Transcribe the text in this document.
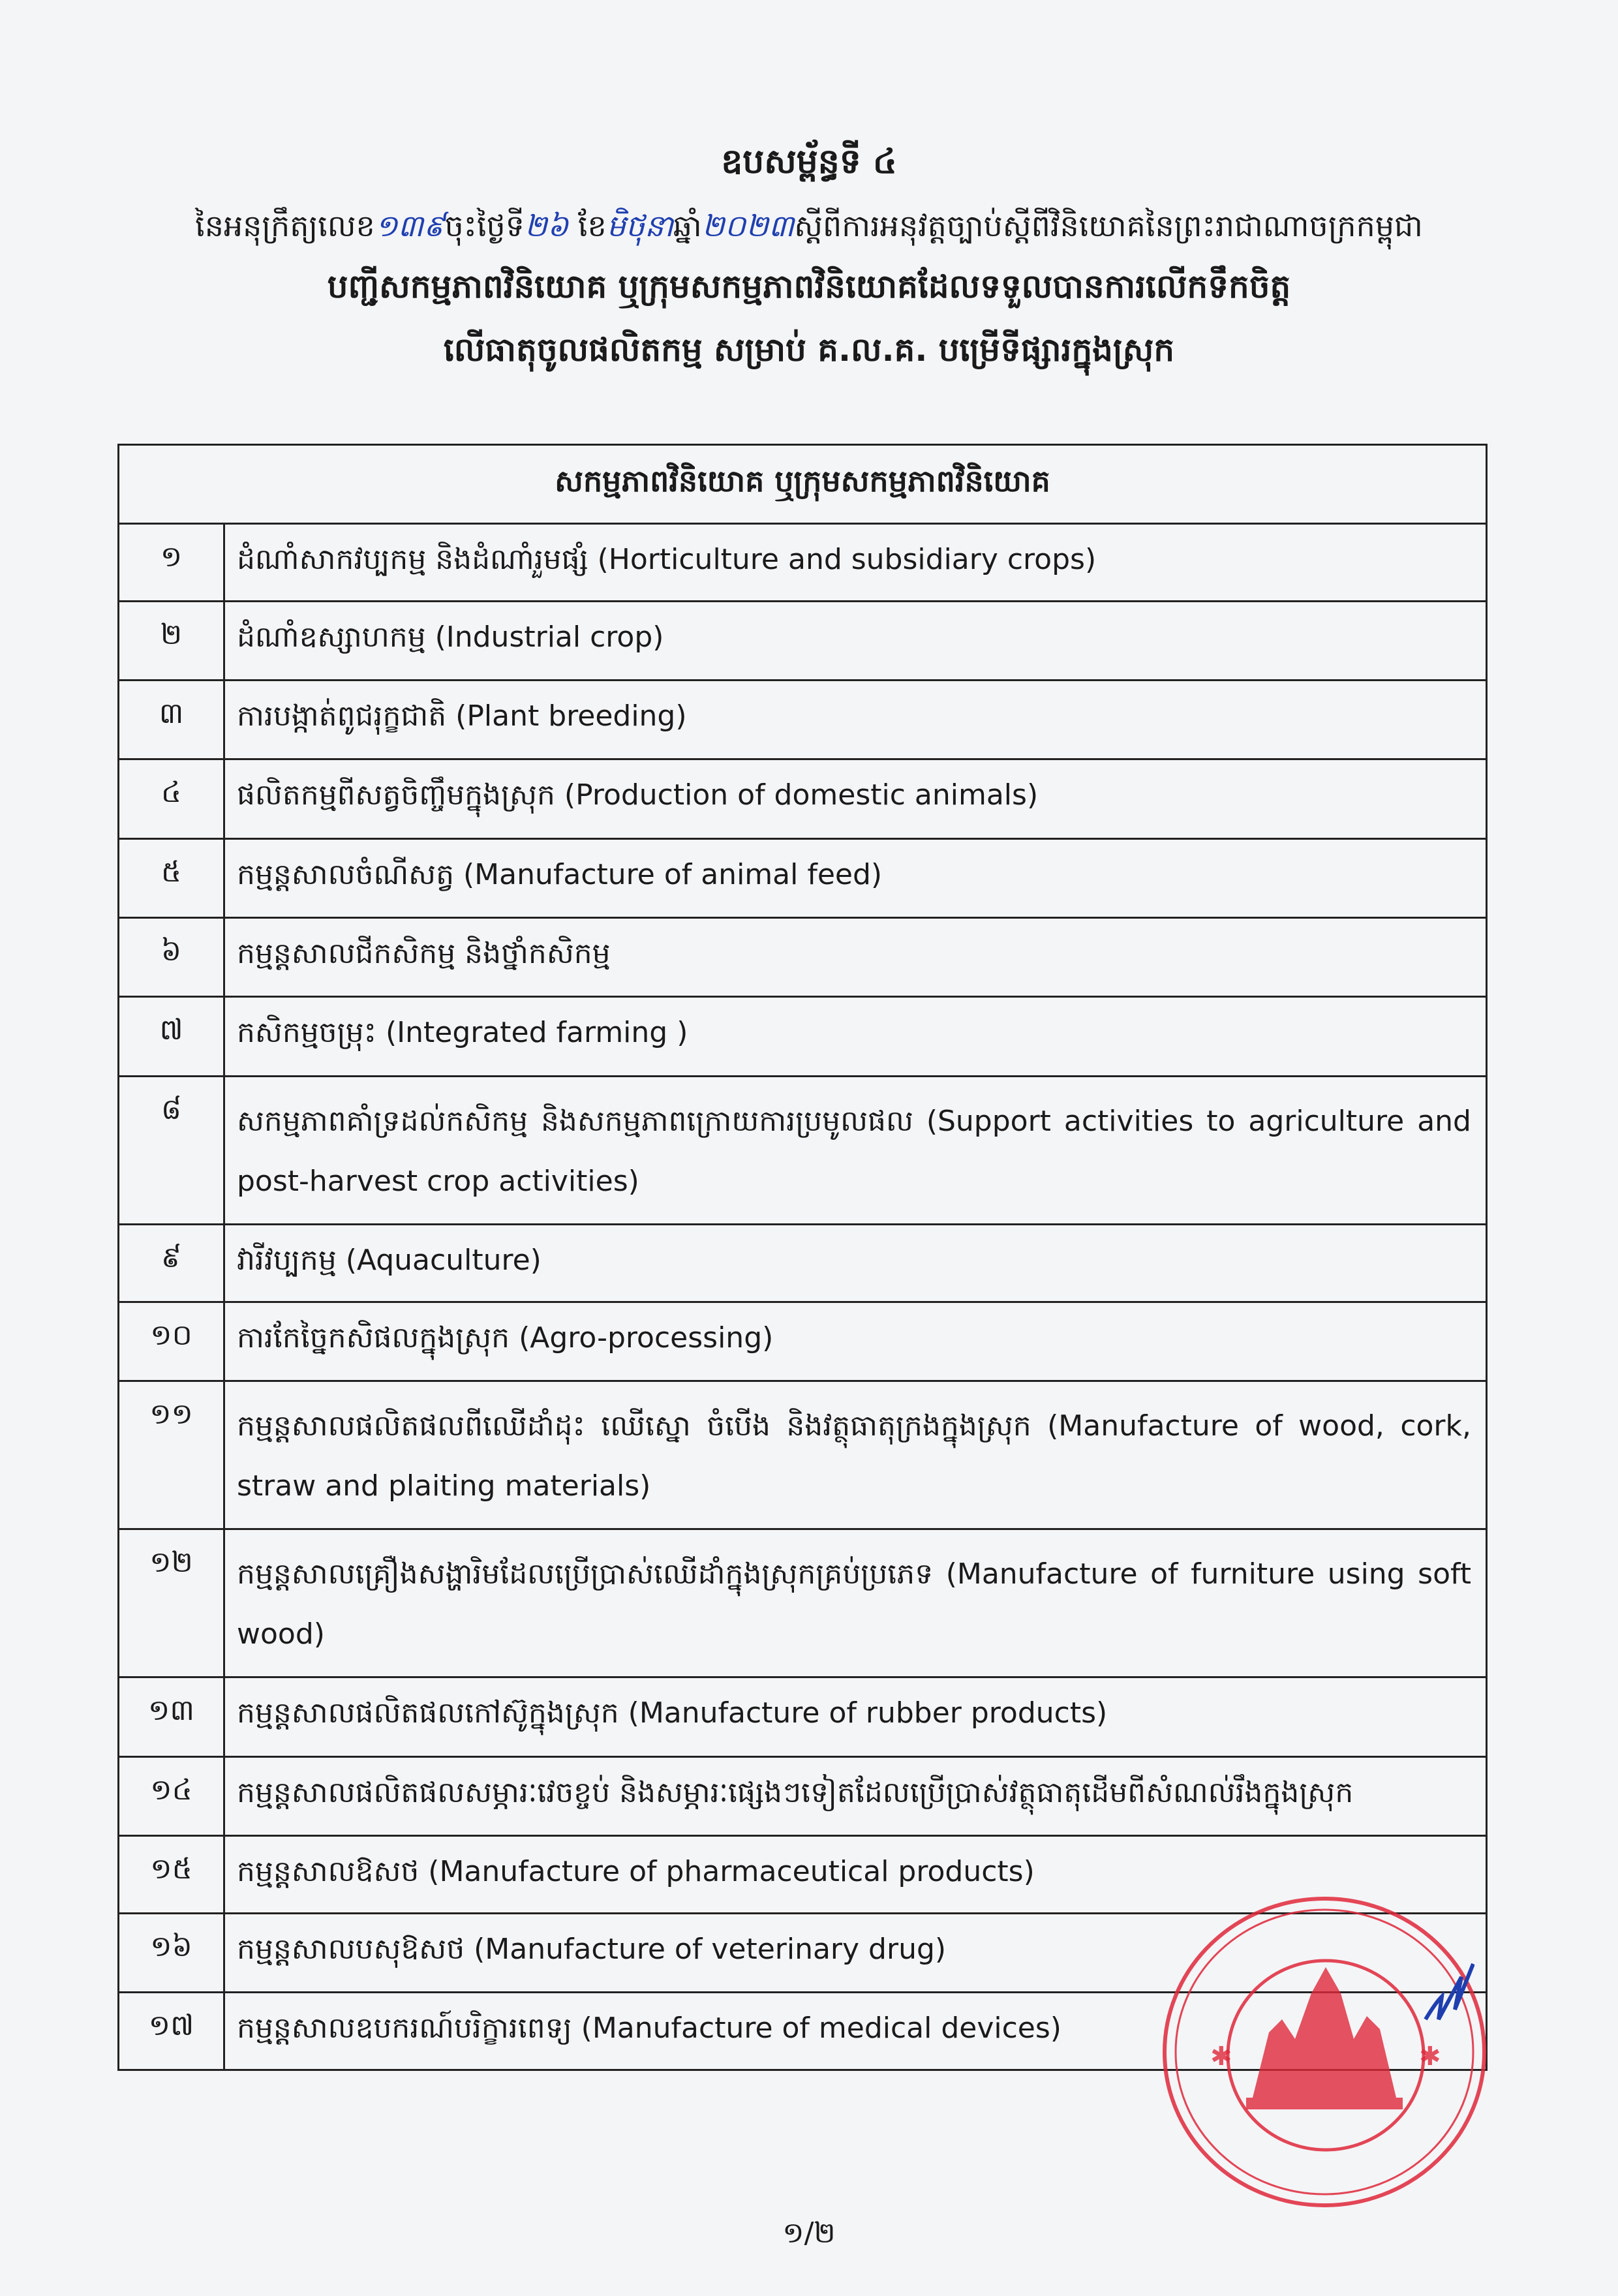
ឧបសម្ព័ន្ធទី ៤
នៃអនុក្រឹត្យលេខ១៣៩ចុះថ្ងៃទី២៦ ខែមិថុនាឆ្នាំ២០២៣ស្ដីពីការអនុវត្តច្បាប់ស្ដីពីវិនិយោគនៃព្រះរាជាណាចក្រកម្ពុជា
បញ្ជីសកម្មភាពវិនិយោគ ឬក្រុមសកម្មភាពវិនិយោគដែលទទួលបានការលើកទឹកចិត្ត
លើធាតុចូលផលិតកម្ម សម្រាប់ គ.ល.គ. បម្រើទីផ្សារក្នុងស្រុក
សកម្មភាពវិនិយោគ ឬក្រុមសកម្មភាពវិនិយោគ	
១	ដំណាំសាកវប្បកម្ម និងដំណាំរួមផ្សំ (Horticulture and subsidiary crops)
២	ដំណាំឧស្សាហកម្ម (Industrial crop)
៣	ការបង្កាត់ពូជរុក្ខជាតិ (Plant breeding)
៤	ផលិតកម្មពីសត្វចិញ្ចឹមក្នុងស្រុក (Production of domestic animals)
៥	កម្មន្តសាលចំណីសត្វ (Manufacture of animal feed)
៦	កម្មន្តសាលជីកសិកម្ម និងថ្នាំកសិកម្ម
៧	កសិកម្មចម្រុះ (Integrated farming )
៨	សកម្មភាពគាំទ្រដល់កសិកម្ម និងសកម្មភាពក្រោយការប្រមូលផល (Support activities to agriculture and post-harvest crop activities)
៩	វារីវប្បកម្ម (Aquaculture)
១០	ការកែច្នៃកសិផលក្នុងស្រុក (Agro-processing)
១១	កម្មន្តសាលផលិតផលពីឈើដាំដុះ ឈើស្នោ ចំបើង និងវត្ថុធាតុក្រងក្នុងស្រុក (Manufacture of wood, cork, straw and plaiting materials)
១២	កម្មន្តសាលគ្រឿងសង្ហារិមដែលប្រើប្រាស់ឈើដាំក្នុងស្រុកគ្រប់ប្រភេទ (Manufacture of furniture using soft wood)
១៣	កម្មន្តសាលផលិតផលកៅស៊ូក្នុងស្រុក (Manufacture of rubber products)
១៤	កម្មន្តសាលផលិតផលសម្ភារៈវេចខ្ចប់ និងសម្ភារៈផ្សេងៗទៀតដែលប្រើប្រាស់វត្ថុធាតុដើមពីសំណល់រឹងក្នុងស្រុក
១៥	កម្មន្តសាលឱសថ (Manufacture of pharmaceutical products)
១៦	កម្មន្តសាលបសុឱសថ (Manufacture of veterinary drug)
១៧	កម្មន្តសាលឧបករណ៍បរិក្ខារពេទ្យ (Manufacture of medical devices)
✱	✱
១/២
